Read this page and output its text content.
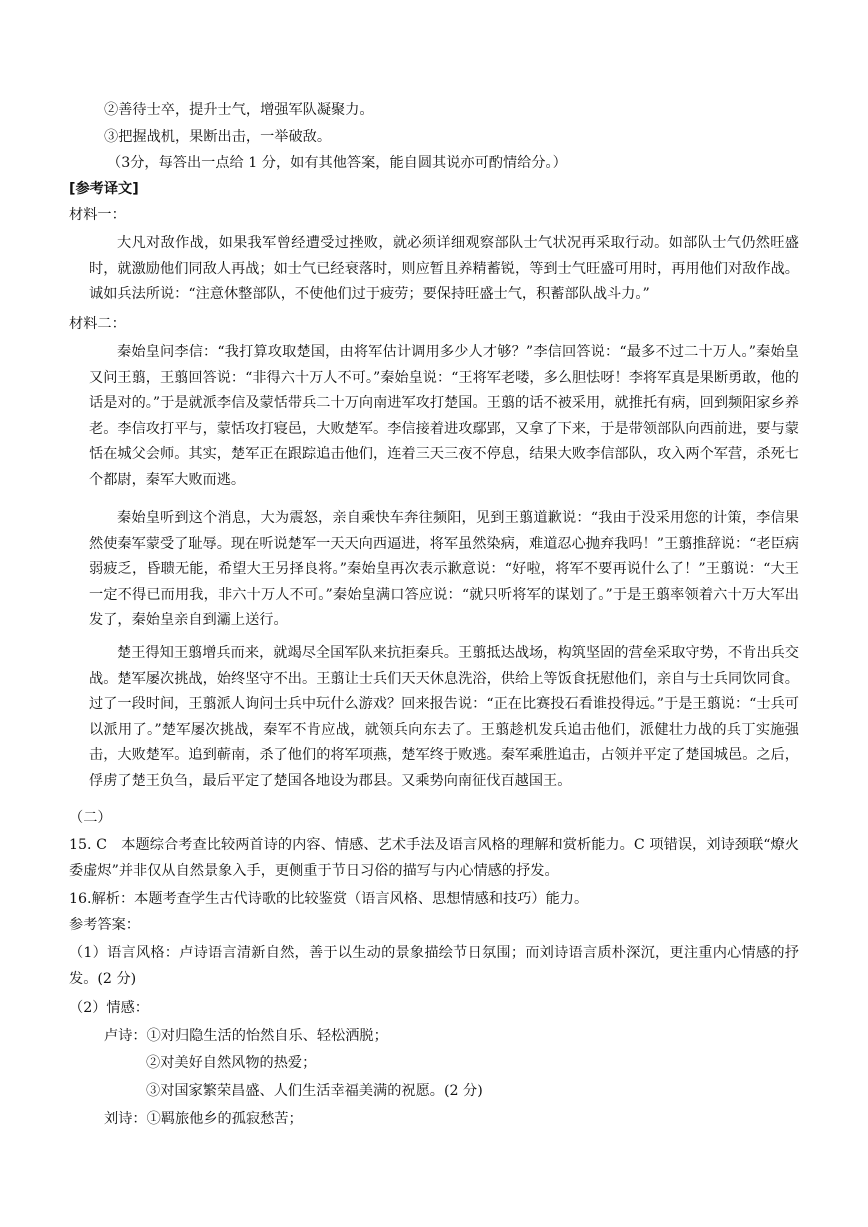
②善待士卒，提升士气，增强军队凝聚力。
③把握战机，果断出击，一举破敌。
（3分，每答出一点给 1 分，如有其他答案，能自圆其说亦可酌情给分。）
[参考译文]
材料一：
大凡对敌作战，如果我军曾经遭受过挫败，就必须详细观察部队士气状况再采取行动。如部队士气仍然旺盛时，就激励他们同敌人再战；如士气已经衰落时，则应暂且养精蓄锐，等到士气旺盛可用时，再用他们对敌作战。诚如兵法所说：“注意休整部队，不使他们过于疲劳；要保持旺盛士气，积蓄部队战斗力。”
材料二：
秦始皇问李信：“我打算攻取楚国，由将军估计调用多少人才够？”李信回答说：“最多不过二十万人。”秦始皇又问王翦，王翦回答说：“非得六十万人不可。”秦始皇说：“王将军老喽，多么胆怯呀！李将军真是果断勇敢，他的话是对的。”于是就派李信及蒙恬带兵二十万向南进军攻打楚国。王翦的话不被采用，就推托有病，回到频阳家乡养老。李信攻打平与，蒙恬攻打寝邑，大败楚军。李信接着进攻鄢郢，又拿了下来，于是带领部队向西前进，要与蒙恬在城父会师。其实，楚军正在跟踪追击他们，连着三天三夜不停息，结果大败李信部队，攻入两个军营，杀死七个都尉，秦军大败而逃。
秦始皇听到这个消息，大为震怒，亲自乘快车奔往频阳，见到王翦道歉说：“我由于没采用您的计策，李信果然使秦军蒙受了耻辱。现在听说楚军一天天向西逼进，将军虽然染病，难道忍心抛弃我吗！”王翦推辞说：“老臣病弱疲乏，昏聩无能，希望大王另择良将。”秦始皇再次表示歉意说：“好啦，将军不要再说什么了！”王翦说：“大王一定不得已而用我，非六十万人不可。”秦始皇满口答应说：“就只听将军的谋划了。”于是王翦率领着六十万大军出发了，秦始皇亲自到灞上送行。
楚王得知王翦增兵而来，就竭尽全国军队来抗拒秦兵。王翦抵达战场，构筑坚固的营垒采取守势，不肯出兵交战。楚军屡次挑战，始终坚守不出。王翦让士兵们天天休息洗浴，供给上等饭食抚慰他们，亲自与士兵同饮同食。过了一段时间，王翦派人询问士兵中玩什么游戏？回来报告说：“正在比赛投石看谁投得远。”于是王翦说：“士兵可以派用了。”楚军屡次挑战，秦军不肯应战，就领兵向东去了。王翦趁机发兵追击他们，派健壮力战的兵丁实施强击，大败楚军。追到蕲南，杀了他们的将军项燕，楚军终于败逃。秦军乘胜追击，占领并平定了楚国城邑。之后，俘虏了楚王负刍，最后平定了楚国各地设为郡县。又乘势向南征伐百越国王。
（二）
15. C　本题综合考查比较两首诗的内容、情感、艺术手法及语言风格的理解和赏析能力。C 项错误，刘诗颈联“燎火委虚烬”并非仅从自然景象入手，更侧重于节日习俗的描写与内心情感的抒发。
16.解析：本题考查学生古代诗歌的比较鉴赏（语言风格、思想情感和技巧）能力。
参考答案：
（1）语言风格：卢诗语言清新自然，善于以生动的景象描绘节日氛围；而刘诗语言质朴深沉，更注重内心情感的抒发。(2 分)
（2）情感：
卢诗：①对归隐生活的怡然自乐、轻松洒脱；
②对美好自然风物的热爱；
③对国家繁荣昌盛、人们生活幸福美满的祝愿。(2 分)
刘诗：①羁旅他乡的孤寂愁苦；
